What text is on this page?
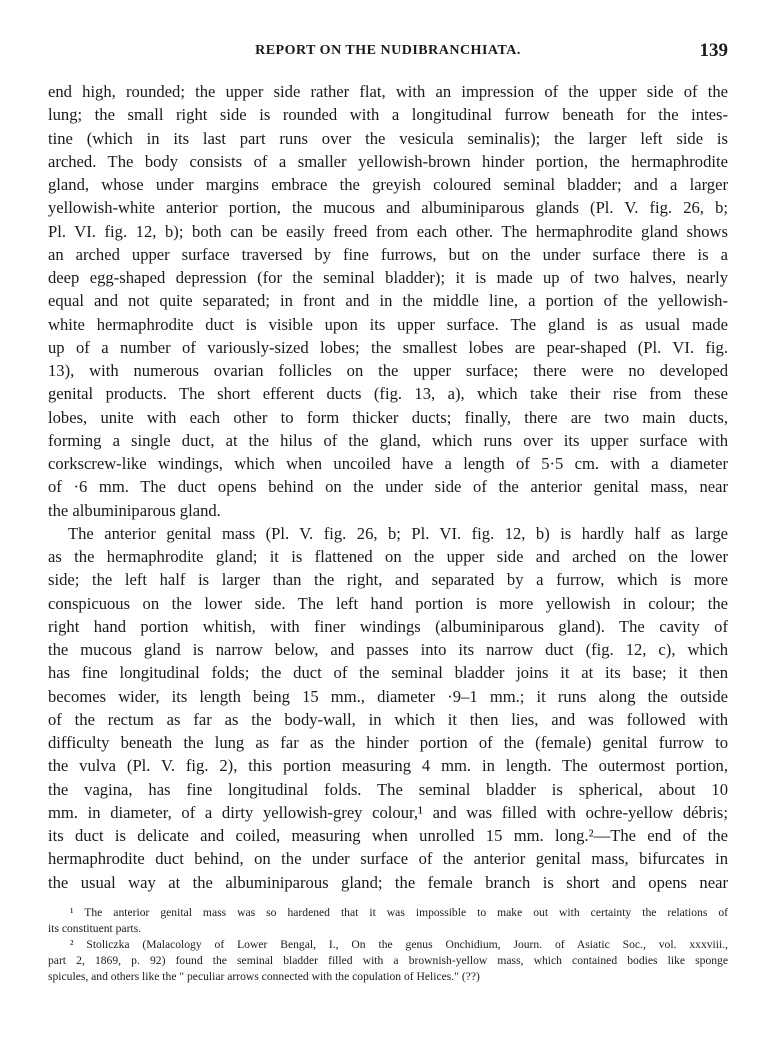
REPORT ON THE NUDIBRANCHIATA.	139
end high, rounded; the upper side rather flat, with an impression of the upper side of the
lung; the small right side is rounded with a longitudinal furrow beneath for the intes-
tine (which in its last part runs over the vesicula seminalis); the larger left side is
arched. The body consists of a smaller yellowish-brown hinder portion, the hermaphrodite
gland, whose under margins embrace the greyish coloured seminal bladder; and a larger
yellowish-white anterior portion, the mucous and albuminiparous glands (Pl. V. fig. 26, b;
Pl. VI. fig. 12, b); both can be easily freed from each other. The hermaphrodite gland shows
an arched upper surface traversed by fine furrows, but on the under surface there is a
deep egg-shaped depression (for the seminal bladder); it is made up of two halves, nearly
equal and not quite separated; in front and in the middle line, a portion of the yellowish-
white hermaphrodite duct is visible upon its upper surface. The gland is as usual made
up of a number of variously-sized lobes; the smallest lobes are pear-shaped (Pl. VI. fig.
13), with numerous ovarian follicles on the upper surface; there were no developed
genital products. The short efferent ducts (fig. 13, a), which take their rise from these
lobes, unite with each other to form thicker ducts; finally, there are two main ducts,
forming a single duct, at the hilus of the gland, which runs over its upper surface with
corkscrew-like windings, which when uncoiled have a length of 5·5 cm. with a diameter
of ·6 mm. The duct opens behind on the under side of the anterior genital mass, near
the albuminiparous gland.
The anterior genital mass (Pl. V. fig. 26, b; Pl. VI. fig. 12, b) is hardly half as large
as the hermaphrodite gland; it is flattened on the upper side and arched on the lower
side; the left half is larger than the right, and separated by a furrow, which is more
conspicuous on the lower side. The left hand portion is more yellowish in colour; the
right hand portion whitish, with finer windings (albuminiparous gland). The cavity of
the mucous gland is narrow below, and passes into its narrow duct (fig. 12, c), which
has fine longitudinal folds; the duct of the seminal bladder joins it at its base; it then
becomes wider, its length being 15 mm., diameter ·9–1 mm.; it runs along the outside
of the rectum as far as the body-wall, in which it then lies, and was followed with
difficulty beneath the lung as far as the hinder portion of the (female) genital furrow to
the vulva (Pl. V. fig. 2), this portion measuring 4 mm. in length. The outermost portion,
the vagina, has fine longitudinal folds. The seminal bladder is spherical, about 10
mm. in diameter, of a dirty yellowish-grey colour,¹ and was filled with ochre-yellow débris;
its duct is delicate and coiled, measuring when unrolled 15 mm. long.²—The end of the
hermaphrodite duct behind, on the under surface of the anterior genital mass, bifurcates in
the usual way at the albuminiparous gland; the female branch is short and opens near
¹ The anterior genital mass was so hardened that it was impossible to make out with certainty the relations of
its constituent parts.
² Stoliczka (Malacology of Lower Bengal, I., On the genus Onchidium, Journ. of Asiatic Soc., vol. xxxviii.,
part 2, 1869, p. 92) found the seminal bladder filled with a brownish-yellow mass, which contained bodies like sponge
spicules, and others like the " peculiar arrows connected with the copulation of Helices." (??)
